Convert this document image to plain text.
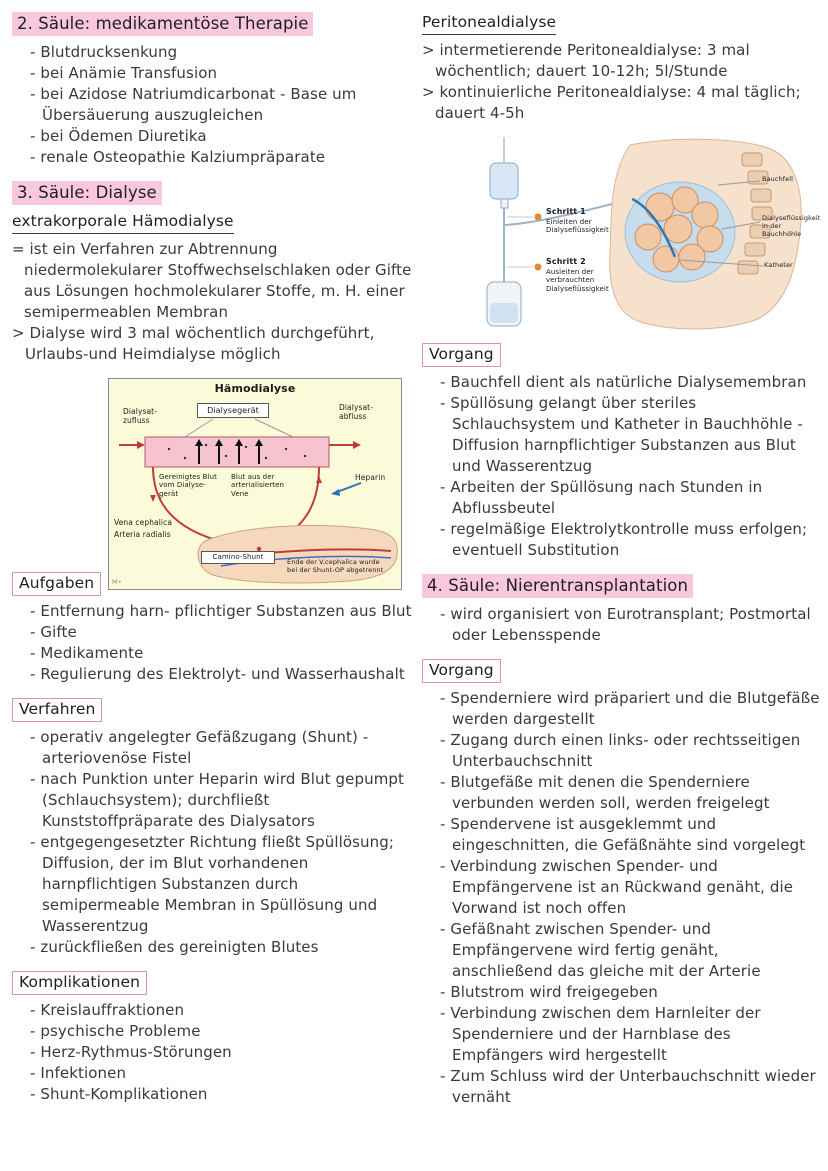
2. Säule: medikamentöse Therapie
- Blutdrucksenkung
- bei Anämie Transfusion
- bei Azidose Natriumdicarbonat - Base um Übersäuerung auszugleichen
- bei Ödemen Diuretika
- renale Osteopathie Kalziumpräparate
3. Säule: Dialyse
extrakorporale Hämodialyse
= ist ein Verfahren zur Abtrennung niedermolekularer Stoffwechselschlaken oder Gifte aus Lösungen hochmolekularer Stoffe, m. H. einer semipermeablen Membran
> Dialyse wird 3 mal wöchentlich durchgeführt, Urlaubs-und Heimdialyse möglich
Hämodialyse
Dialysegerät
Dialysat-zufluss
Dialysat-abfluss
Gereinigtes Blut vom Dialyse-gerät
Blut aus der arterialisierten Vene
Heparin
Vena cephalica
Arteria radialis
Camino-Shunt
Ende der V.cephalica wurde bei der Shunt-OP abgetrennt
M•
Aufgaben
- Entfernung harn- pflichtiger Substanzen aus Blut
- Gifte
- Medikamente
- Regulierung des Elektrolyt- und Wasserhaushalt
Verfahren
- operativ angelegter Gefäßzugang (Shunt) - arteriovenöse Fistel
- nach Punktion unter Heparin wird Blut gepumpt (Schlauchsystem); durchfließt Kunststoffpräparate des Dialysators
- entgegengesetzter Richtung fließt Spüllösung; Diffusion, der im Blut vorhandenen harnpflichtigen Substanzen durch semipermeable Membran in Spüllösung und Wasserentzug
- zurückfließen des gereinigten Blutes
Komplikationen
- Kreislauffraktionen
- psychische Probleme
- Herz-Rythmus-Störungen
- Infektionen
- Shunt-Komplikationen
Peritonealdialyse
> intermetierende Peritonealdialyse: 3 mal wöchentlich; dauert 10-12h; 5l/Stunde
> kontinuierliche Peritonealdialyse: 4 mal täglich; dauert 4-5h
Schritt 1
Einleiten der Dialyseflüssigkeit
Schritt 2
Ausleiten der verbrauchten Dialyseflüssigkeit
Bauchfell
Dialyseflüssigkeit in der Bauchhöhle
Katheter
Vorgang
- Bauchfell dient als natürliche Dialysemembran
- Spüllösung gelangt über steriles Schlauchsystem und Katheter in Bauchhöhle - Diffusion harnpflichtiger Substanzen aus Blut und Wasserentzug
- Arbeiten der Spüllösung nach Stunden in Abflussbeutel
- regelmäßige Elektrolytkontrolle muss erfolgen; eventuell Substitution
4. Säule: Nierentransplantation
- wird organisiert von Eurotransplant; Postmortal oder Lebensspende
Vorgang
- Spenderniere wird präpariert und die Blutgefäße werden dargestellt
- Zugang durch einen links- oder rechtsseitigen Unterbauchschnitt
- Blutgefäße mit denen die Spenderniere verbunden werden soll, werden freigelegt
- Spendervene ist ausgeklemmt und eingeschnitten, die Gefäßnähte sind vorgelegt
- Verbindung zwischen Spender- und Empfängervene ist an Rückwand genäht, die Vorwand ist noch offen
- Gefäßnaht zwischen Spender- und Empfängervene wird fertig genäht, anschließend das gleiche mit der Arterie
- Blutstrom wird freigegeben
- Verbindung zwischen dem Harnleiter der Spenderniere und der Harnblase des Empfängers wird hergestellt
- Zum Schluss wird der Unterbauchschnitt wieder vernäht
